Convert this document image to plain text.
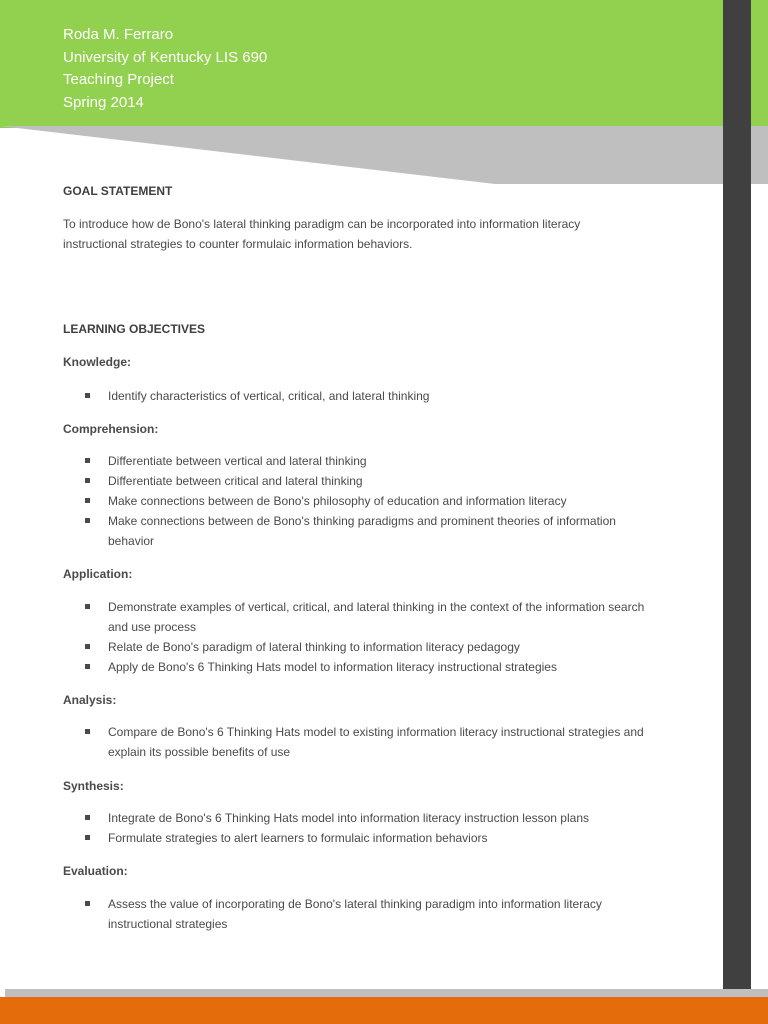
Roda M. Ferraro
University of Kentucky LIS 690
Teaching Project
Spring 2014
GOAL STATEMENT
To introduce how de Bono's lateral thinking paradigm can be incorporated into information literacy instructional strategies to counter formulaic information behaviors.
LEARNING OBJECTIVES
Knowledge:
Identify characteristics of vertical, critical, and lateral thinking
Comprehension:
Differentiate between vertical and lateral thinking
Differentiate between critical and lateral thinking
Make connections between de Bono's philosophy of education and information literacy
Make connections between de Bono's thinking paradigms and prominent theories of information behavior
Application:
Demonstrate examples of vertical, critical, and lateral thinking in the context of the information search and use process
Relate de Bono's paradigm of lateral thinking to information literacy pedagogy
Apply de Bono's 6 Thinking Hats model to information literacy instructional strategies
Analysis:
Compare de Bono's 6 Thinking Hats model to existing information literacy instructional strategies and explain its possible benefits of use
Synthesis:
Integrate de Bono's 6 Thinking Hats model into information literacy instruction lesson plans
Formulate strategies to alert learners to formulaic information behaviors
Evaluation:
Assess the value of incorporating de Bono's lateral thinking paradigm into information literacy instructional strategies
